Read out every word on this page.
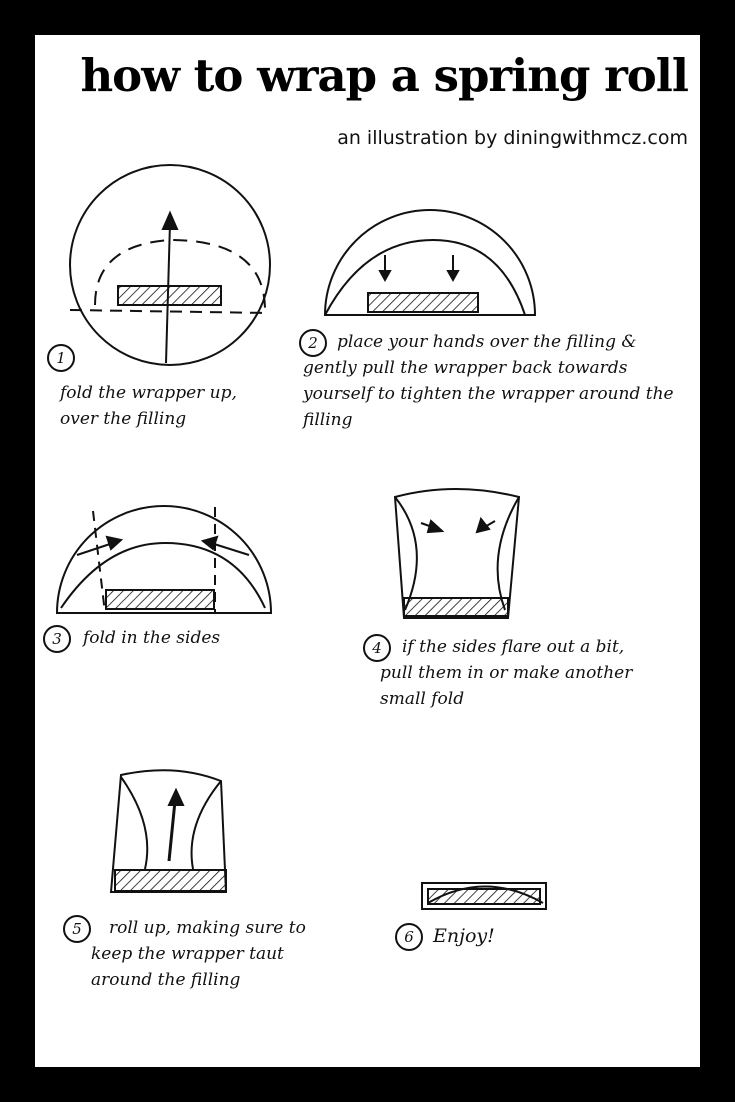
how to wrap a spring roll

an illustration by diningwithmcz.com

1

fold the wrapper up, over the filling

2	place your hands over the filling & gently pull the wrapper back towards yourself to tighten the wrapper around the filling

3	fold in the sides	4	if the sides flare out a bit, pull them in or make another small fold

5	roll up, making sure to keep the wrapper taut around the filling

6	Enjoy!
